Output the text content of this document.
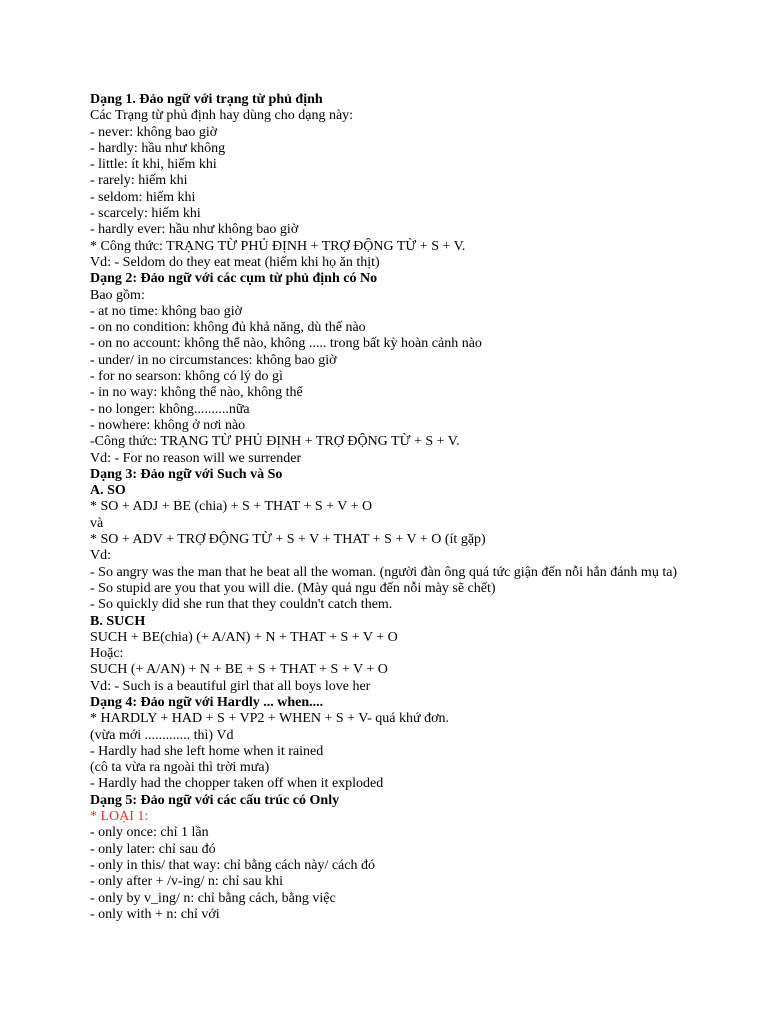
Dạng 1. Đảo ngữ với trạng từ phủ định
Các Trạng từ phủ định hay dùng cho dạng này:
- never: không bao giờ
- hardly: hầu như không
- little: ít khi, hiếm khi
- rarely: hiếm khi
- seldom: hiếm khi
- scarcely: hiếm khi
- hardly ever: hầu như không bao giờ
* Công thức: TRẠNG TỪ PHỦ ĐỊNH + TRỢ ĐỘNG TỪ + S + V.
Vd: - Seldom do they eat meat (hiếm khi họ ăn thịt)
Dạng 2: Đảo ngữ với các cụm từ phủ định có No
Bao gồm:
- at no time: không bao giờ
- on no condition: không đủ khả năng, dù thế nào
- on no account: không thể nào, không ..... trong bất kỳ hoàn cảnh nào
- under/ in no circumstances: không bao giờ
- for no searson: không có lý do gì
- in no way: không thể nào, không thể
- no longer: không..........nữa
- nowhere: không ở nơi nào
-Công thức: TRẠNG TỪ PHỦ ĐỊNH + TRỢ ĐỘNG TỪ + S + V.
Vd: - For no reason will we surrender
Dạng 3: Đảo ngữ với Such và So
A. SO
* SO + ADJ + BE (chia) + S + THAT + S + V + O
và
* SO + ADV + TRỢ ĐỘNG TỪ + S + V + THAT + S + V + O (ít gặp)
Vd:
- So angry was the man that he beat all the woman. (người đàn ông quá tức giận đến nỗi hắn đánh mụ ta)
- So stupid are you that you will die. (Mày quá ngu đến nỗi mày sẽ chết)
- So quickly did she run that they couldn't catch them.
B. SUCH
SUCH + BE(chia) (+ A/AN) + N + THAT + S + V + O
Hoặc:
SUCH (+ A/AN) + N + BE + S + THAT + S + V + O
Vd: - Such is a beautiful girl that all boys love her
Dạng 4: Đảo ngữ với Hardly ... when....
* HARDLY + HAD + S + VP2 + WHEN + S + V- quá khứ đơn.
(vừa mới ............. thì) Vd
- Hardly had she left home when it rained
(cô ta vừa ra ngoài thì trời mưa)
- Hardly had the chopper taken off when it exploded
Dạng 5: Đảo ngữ với các cấu trúc có Only
* LOẠI 1:
- only once: chỉ 1 lần
- only later: chỉ sau đó
- only in this/ that way: chỉ bằng cách này/ cách đó
- only after + /v-ing/ n: chỉ sau khi
- only by v_ing/ n: chỉ bằng cách, bằng việc
- only with + n: chỉ với
